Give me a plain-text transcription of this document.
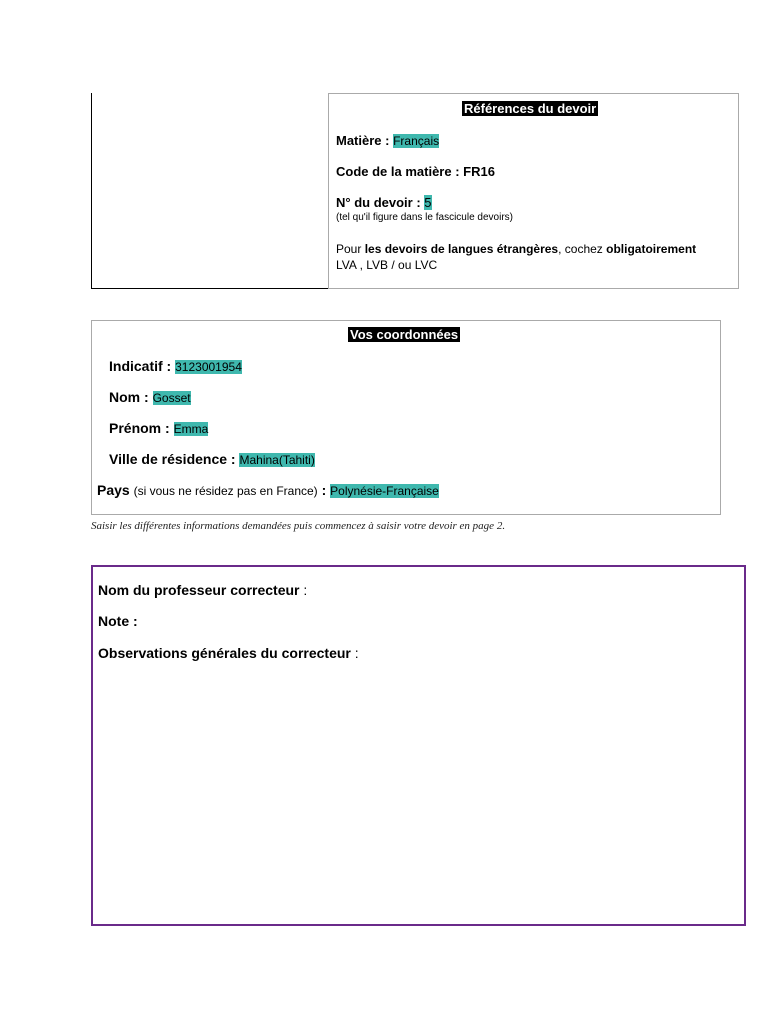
Références du devoir
Matière : Français
Code de la matière : FR16
N° du devoir : 5
(tel qu'il figure dans le fascicule devoirs)
Pour les devoirs de langues étrangères, cochez obligatoirement
LVA , LVB / ou LVC
Vos coordonnées
Indicatif : 3123001954
Nom : Gosset
Prénom : Emma
Ville de résidence : Mahina(Tahiti)
Pays (si vous ne résidez pas en France) : Polynésie-Française
Saisir les différentes informations demandées puis commencez à saisir votre devoir en page 2.
Nom du professeur correcteur :
Note :
Observations générales du correcteur :
